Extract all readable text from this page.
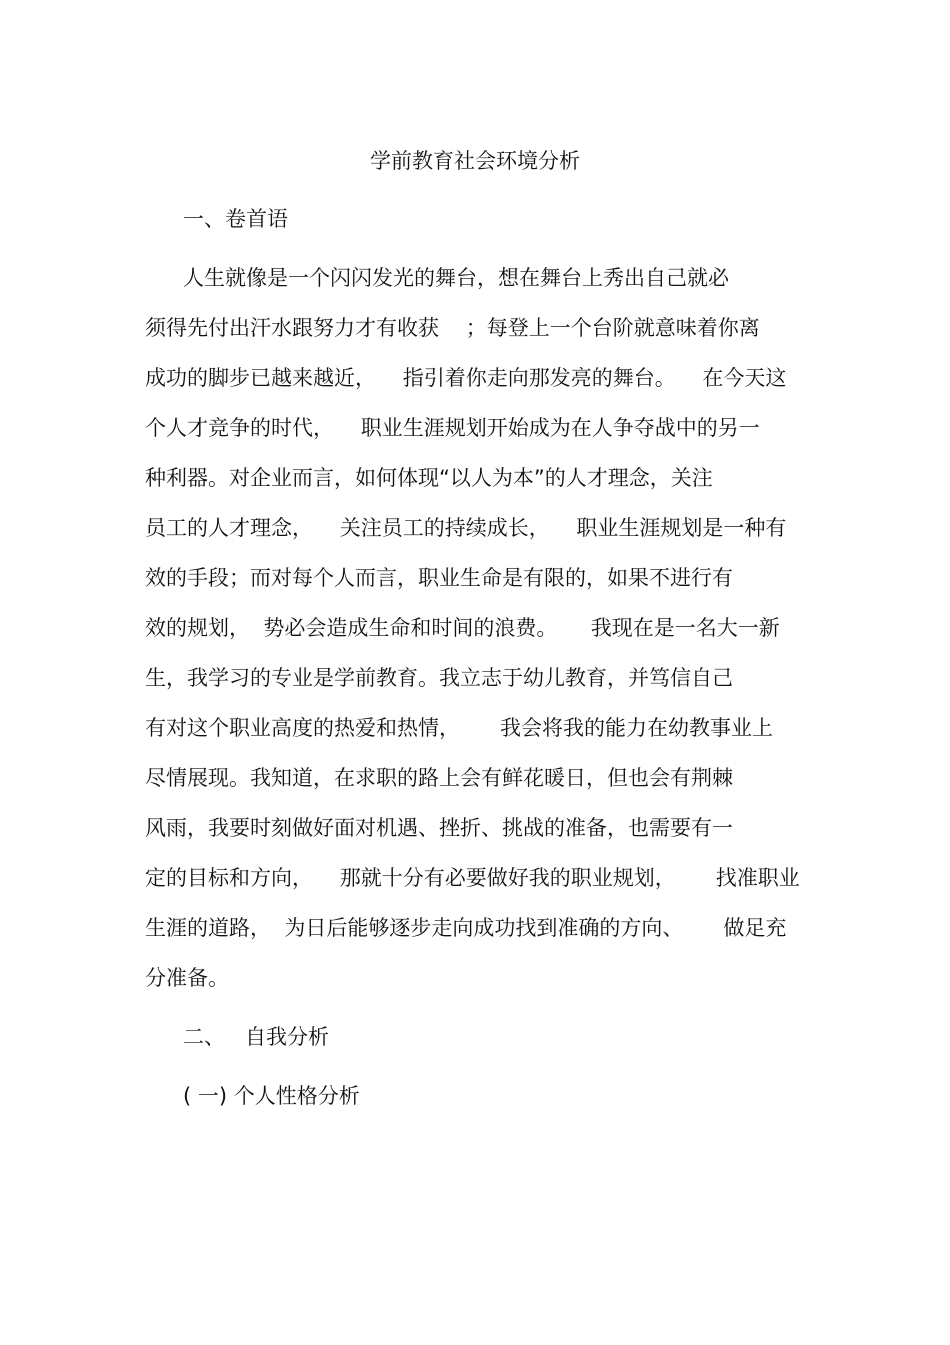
学前教育社会环境分析
一、卷首语
人生就像是一个闪闪发光的舞台，想在舞台上秀出自己就必
须得先付出汗水跟努力才有收获    ；每登上一个台阶就意味着你离
成功的脚步已越来越近，    指引着你走向那发亮的舞台。    在今天这
个人才竞争的时代，    职业生涯规划开始成为在人争夺战中的另一
种利器。对企业而言，如何体现“以人为本”的人才理念，关注
员工的人才理念，    关注员工的持续成长，    职业生涯规划是一种有
效的手段；而对每个人而言，职业生命是有限的，如果不进行有
效的规划，  势必会造成生命和时间的浪费。     我现在是一名大一新
生，我学习的专业是学前教育。我立志于幼儿教育，并笃信自己
有对这个职业高度的热爱和热情，      我会将我的能力在幼教事业上
尽情展现。我知道，在求职的路上会有鲜花暖日，但也会有荆棘
风雨，我要时刻做好面对机遇、挫折、挑战的准备，也需要有一
定的目标和方向，    那就十分有必要做好我的职业规划，      找准职业
生涯的道路，  为日后能够逐步走向成功找到准确的方向、      做足充
分准备。
二、   自我分析
( 一) 个人性格分析
